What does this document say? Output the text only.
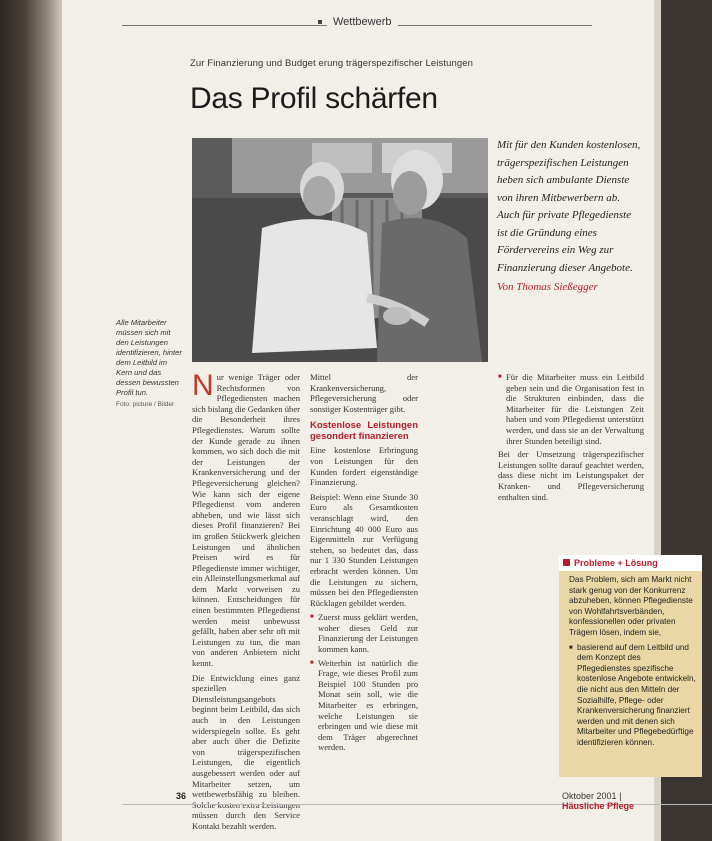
Wettbewerb
Zur Finanzierung und Budget erung trägerspezifischer Leistungen
Das Profil schärfen
Mit für den Kunden kostenlosen, trägerspezifischen Leistungen heben sich ambulante Dienste von ihren Mitbewerbern ab. Auch für private Pflegedienste ist die Gründung eines Fördervereins ein Weg zur Finanzierung dieser Angebote.
Von Thomas Sießegger
Alle Mitarbeiter müssen sich mit den Leistungen identifizieren, hinter dem Leitbild im Kern und das dessen bewussten Profil tun.
Foto: picture / Bilder

Nur wenige Träger oder Rechtsformen von Pflegediensten machen sich bislang die Gedanken über die Besonderheit ihres Pflegedienstes. Warum sollte der Kunde gerade zu ihnen kommen, wo sich doch die mit der Leistungen der Krankenversicherung und der Pflegeversicherung gleichen? Wie kann sich der eigene Pflegedienst vom anderen abheben, und wie lässt sich dieses Profil finanzieren? Bei im großen Stückwerk gleichen Leistungen und ähnlichen Preisen wird es für Pflegedienste immer wichtiger, ein Alleinstellungsmerkmal auf dem Markt vorweisen zu können. Entscheidungen für einen bestimmten Pflegedienst werden meist unbewusst gefällt, haben aber sehr oft mit Leistungen zu tun, die man von anderen Anbietern nicht kennt.

Die Entwicklung eines ganz speziellen Dienstleistungsangebots beginnt beim Leitbild, das sich auch in den Leistungen widerspiegeln sollte. Es geht aber auch über die Defizite von trägerspezifischen Leistungen, die eigentlich ausgebessert werden oder auf Mitarbeiter setzen, um wettbewerbsfähig zu bleiben. Solche kosten extra Leistungen müssen durch den Service Kontakt bezahlt werden.

Mittel der Krankenversicherung, Pflegeversicherung oder sonstiger Kostenträger gibt.

Kostenlose Leistungen gesondert finanzieren

Eine kostenlose Erbringung von Leistungen für den Kunden fordert eigenständige Finanzierung.

Beispiel: Wenn eine Stunde 30 Euro als Gesamtkosten veranschlagt wird, den Einrichtung 40 000 Euro aus Eigenmitteln zur Verfügung stehen, so bedeutet das, dass nur 1 330 Stunden Leistungen erbracht werden können. Um die Leistungen zu sichern, müssen bei den Pflegediensten Rücklagen gebildet werden.

■ Zuerst muss geklärt werden, woher dieses Geld zur Finanzierung der Leistungen kommen kann.
■ Weiterhin ist natürlich die Frage, wie dieses Profil zum Beispiel 100 Stunden pro Monat sein soll, wie die Mitarbeiter es erbringen, welche Leistungen sie erbringen und wie diese mit dem Träger abgerechnet werden.
■ Für die Mitarbeiter muss ein Leitbild geben sein und die Organisation fest in die Strukturen einbinden, dass die Mitarbeiter für die Leistungen Zeit haben und vom Pflegedienst unterstützt werden, und dass sie an der Verwaltung ihrer Stunden beteiligt sind.

Bei der Umsetzung trägerspezifischer Leistungen sollte darauf geachtet werden, dass diese nicht im Leistungspaket der Kranken- und Pflegeversicherung enthalten sind.

Probleme + Lösung

Das Problem, sich am Markt nicht stark genug von der Konkurrenz abzuheben, können Pflegedienste von Wohlfahrtsverbänden, konfessionellen oder privaten Trägern lösen, indem sie,

■ basierend auf dem Leitbild und dem Konzept des Pflegedienstes spezifische kostenlose Angebote entwickeln, die nicht aus den Mitteln der Sozialhilfe, Pflege- oder Krankenversicherung finanziert werden und mit denen sich Mitarbeiter und Pflegebedürftige identifizieren können.
36	Oktober 2001 | Häusliche Pflege
